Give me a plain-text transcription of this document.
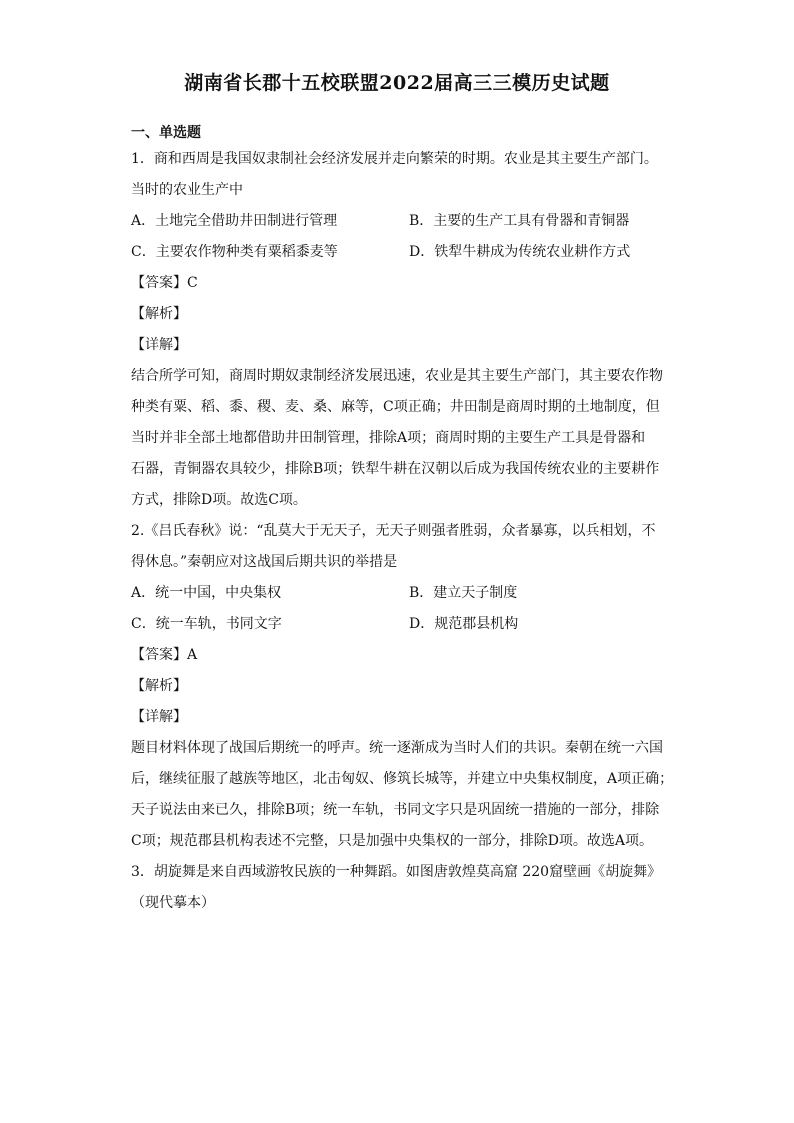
湖南省长郡十五校联盟2022届高三三模历史试题

一、单选题

1．商和西周是我国奴隶制社会经济发展并走向繁荣的时期。农业是其主要生产部门。

当时的农业生产中

A．土地完全借助井田制进行管理	B．主要的生产工具有骨器和青铜器
C．主要农作物种类有粟稻黍麦等	D．铁犁牛耕成为传统农业耕作方式

【答案】C

【解析】

【详解】

结合所学可知，商周时期奴隶制经济发展迅速，农业是其主要生产部门，其主要农作物

种类有粟、稻、黍、稷、麦、桑、麻等，C项正确；井田制是商周时期的土地制度，但

当时并非全部土地都借助井田制管理，排除A项；商周时期的主要生产工具是骨器和

石器，青铜器农具较少，排除B项；铁犁牛耕在汉朝以后成为我国传统农业的主要耕作

方式，排除D项。故选C项。

2.《吕氏春秋》说：“乱莫大于无天子，无天子则强者胜弱，众者暴寡，以兵相划，不

得休息。”秦朝应对这战国后期共识的举措是

A．统一中国，中央集权	B．建立天子制度
C．统一车轨，书同文字	D．规范郡县机构

【答案】A

【解析】

【详解】

题目材料体现了战国后期统一的呼声。统一逐渐成为当时人们的共识。秦朝在统一六国

后，继续征服了越族等地区，北击匈奴、修筑长城等，并建立中央集权制度，A项正确；

天子说法由来已久，排除B项；统一车轨，书同文字只是巩固统一措施的一部分，排除

C项；规范郡县机构表述不完整，只是加强中央集权的一部分，排除D项。故选A项。

3．胡旋舞是来自西域游牧民族的一种舞蹈。如图唐敦煌莫高窟 220窟壁画《胡旋舞》

（现代摹本）
